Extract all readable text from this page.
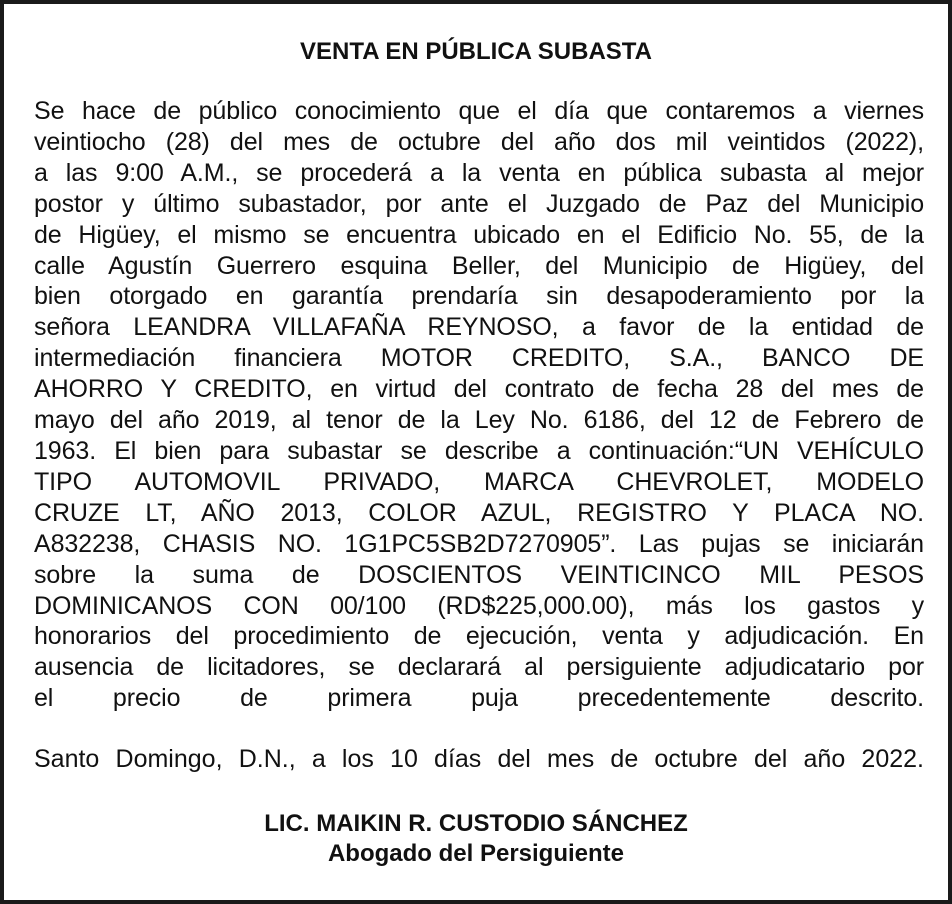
VENTA EN PÚBLICA SUBASTA
Se hace de público conocimiento que el día que contaremos a viernes
veintiocho (28) del mes de octubre del año dos mil veintidos (2022),
a las 9:00 A.M., se procederá a la venta en pública subasta al mejor
postor y último subastador, por ante el Juzgado de Paz del Municipio
de Higüey, el mismo se encuentra ubicado en el Edificio No. 55, de la
calle Agustín Guerrero esquina Beller, del Municipio de Higüey, del
bien otorgado en garantía prendaría sin desapoderamiento por la
señora LEANDRA VILLAFAÑA REYNOSO, a favor de la entidad de
intermediación financiera MOTOR CREDITO, S.A., BANCO DE
AHORRO Y CREDITO, en virtud del contrato de fecha 28 del mes de
mayo del año 2019, al tenor de la Ley No. 6186, del 12 de Febrero de
1963. El bien para subastar se describe a continuación:“UN VEHÍCULO
TIPO AUTOMOVIL PRIVADO, MARCA CHEVROLET, MODELO
CRUZE LT, AÑO 2013, COLOR AZUL, REGISTRO Y PLACA NO.
A832238, CHASIS NO. 1G1PC5SB2D7270905”. Las pujas se iniciarán
sobre la suma de DOSCIENTOS VEINTICINCO MIL PESOS
DOMINICANOS CON 00/100 (RD$225,000.00), más los gastos y
honorarios del procedimiento de ejecución, venta y adjudicación. En
ausencia de licitadores, se declarará al persiguiente adjudicatario por
el precio de primera puja precedentemente descrito.

Santo Domingo, D.N., a los 10 días del mes de octubre del año 2022.

LIC. MAIKIN R. CUSTODIO SÁNCHEZ
Abogado del Persiguiente
